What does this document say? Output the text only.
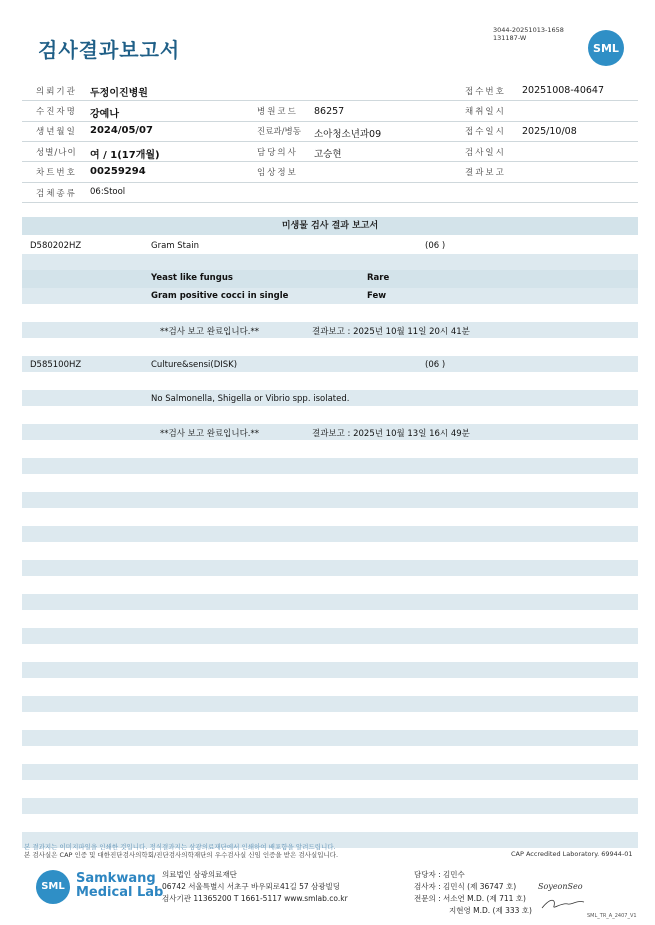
검사결과보고서
3044-20251013-1658
131187-W
SML
의뢰기관 두정이진병원	접수번호 20251008-40647
수진자명 강예나	병원코드 86257	채취일시
생년월일 2024/05/07	진료과/병동 소아청소년과09	접수일시 2025/10/08
성별/나이 여 / 1(17개월)	담당의사 고승현	검사일시
차트번호 00259294	임상정보	결과보고
검체종류 06:Stool
미생물 검사 결과 보고서
D580202HZ	Gram Stain	(06 )
Yeast like fungus	Rare
Gram positive cocci in single	Few
**검사 보고 완료입니다.**	결과보고 : 2025년 10월 11일 20시 41분
D585100HZ	Culture&sensi(DISK)	(06 )
No Salmonella, Shigella or Vibrio spp. isolated.
**검사 보고 완료입니다.**	결과보고 : 2025년 10월 13일 16시 49분
본 결과지는 이미지파일을 인쇄한 것입니다. 정식결과지는 삼광의료재단에서 인쇄하여 배포함을 알려드립니다.
본 검사실은 CAP 인증 및 대한진단검사의학회/진단검사의학재단의 우수검사실 신임 인증을 받은 검사실입니다.	CAP Accredited Laboratory. 69944-01
SML
Samkwang
Medical Lab
의료법인 삼광의료재단
06742 서울특별시 서초구 바우뫼로41길 57 삼광빌딩
검사기관 11365200 T 1661-5117 www.smlab.co.kr
담당자 : 김민수
검사자 : 김민식 (제 36747 호)
전문의 : 서소연 M.D. (제 711 호)
지현영 M.D. (제 333 호)
SoyeonSeo
SML_TR_A_2407_V1
